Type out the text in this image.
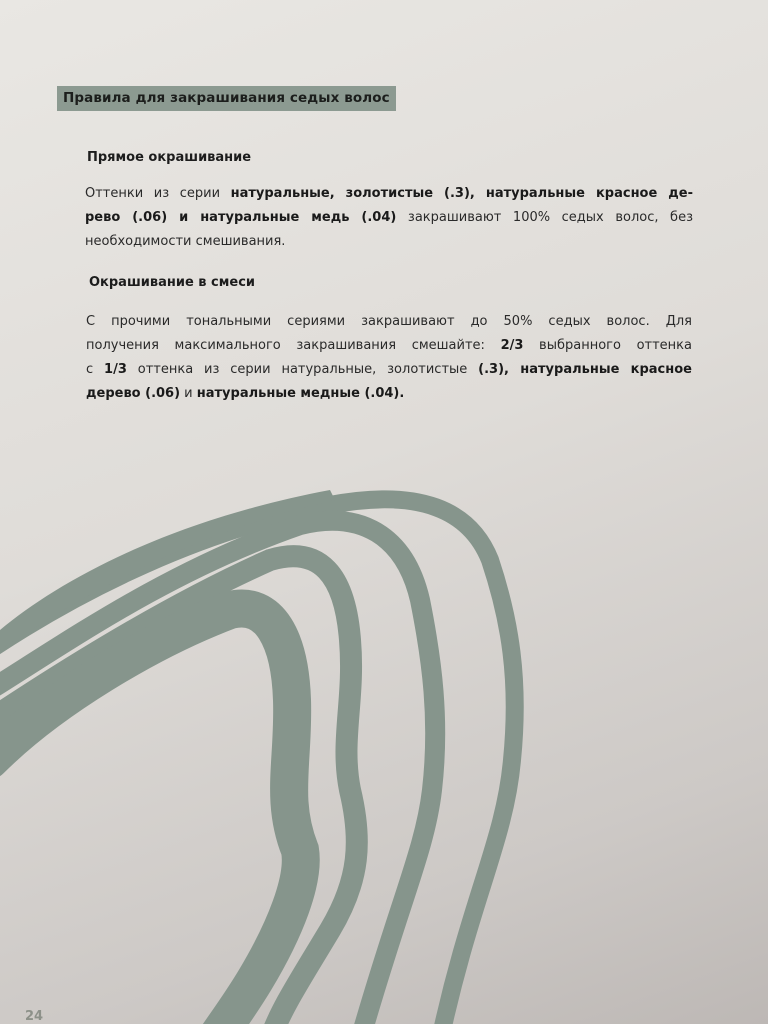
Правила для закрашивания седых волос
Прямое окрашивание
Оттенки из серии натуральные, золотистые (.3), натуральные красное де-
рево (.06) и натуральные медь (.04) закрашивают 100% седых волос, без
необходимости смешивания.
Окрашивание в смеси
С прочими тональными сериями закрашивают до 50% седых волос. Для
получения максимального закрашивания смешайте: 2/3 выбранного оттенка
с 1/3 оттенка из серии натуральные, золотистые (.3), натуральные красное
дерево (.06) и натуральные медные (.04).
24
